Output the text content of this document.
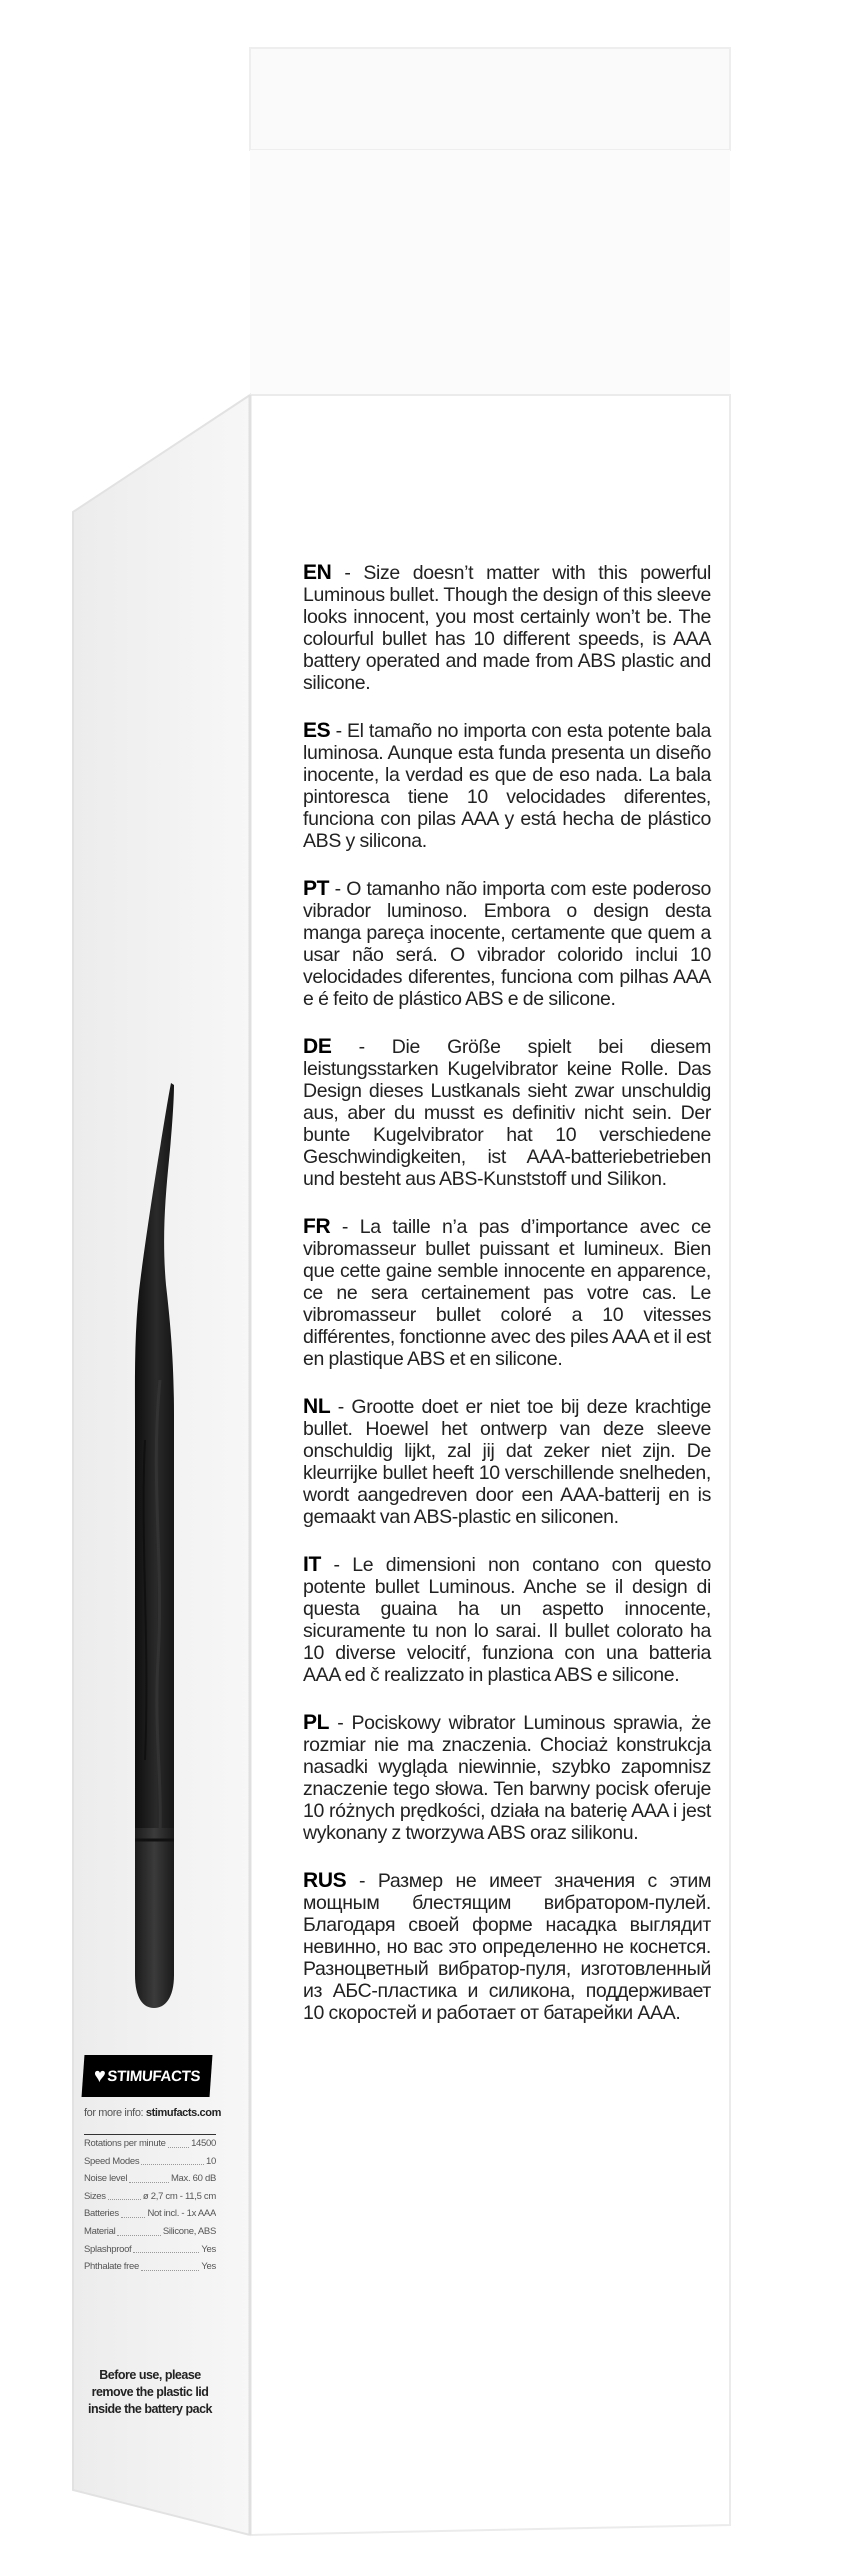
EN - Size doesn’t matter with this powerful Luminous bullet. Though the design of this sleeve looks innocent, you most certainly won’t be. The colourful bullet has 10 different speeds, is AAA battery operated and made from ABS plastic and silicone.

ES - El tamaño no importa con esta potente bala luminosa. Aunque esta funda presenta un diseño inocente, la verdad es que de eso nada. La bala pintoresca tiene 10 velocidades diferentes, funciona con pilas AAA y está hecha de plástico ABS y silicona.

PT - O tamanho não importa com este poderoso vibrador luminoso. Embora o design desta manga pareça inocente, certamente que quem a usar não será. O vibrador colorido inclui 10 velocidades diferentes, funciona com pilhas AAA e é feito de plástico ABS e de silicone.

DE - Die Größe spielt bei diesem leistungsstarken Kugelvibrator keine Rolle. Das Design dieses Lustkanals sieht zwar unschuldig aus, aber du musst es definitiv nicht sein. Der bunte Kugelvibrator hat 10 verschiedene Geschwindigkeiten, ist AAA-batteriebetrieben und besteht aus ABS-Kunststoff und Silikon.

FR - La taille n’a pas d’importance avec ce vibromasseur bullet puissant et lumineux. Bien que cette gaine semble innocente en apparence, ce ne sera certainement pas votre cas. Le vibromasseur bullet coloré a 10 vitesses différentes, fonctionne avec des piles AAA et il est en plastique ABS et en silicone.

NL - Grootte doet er niet toe bij deze krachtige bullet. Hoewel het ontwerp van deze sleeve onschuldig lijkt, zal jij dat zeker niet zijn. De kleurrijke bullet heeft 10 verschillende snelheden, wordt aangedreven door een AAA-batterij en is gemaakt van ABS-plastic en siliconen.

IT - Le dimensioni non contano con questo potente bullet Luminous. Anche se il design di questa guaina ha un aspetto innocente, sicuramente tu non lo sarai. Il bullet colorato ha 10 diverse velocitŕ, funziona con una batteria AAA ed č realizzato in plastica ABS e silicone.

PL - Pociskowy wibrator Luminous sprawia, że rozmiar nie ma znaczenia. Chociaż konstrukcja nasadki wygląda niewinnie, szybko zapomnisz znaczenie tego słowa. Ten barwny pocisk oferuje 10 różnych prędkości, działa na baterię AAA i jest wykonany z tworzywa ABS oraz silikonu.

RUS - Размер не имеет значения с этим мощным блестящим вибратором-пулей. Благодаря своей форме насадка выглядит невинно, но вас это определенно не коснется. Разноцветный вибратор-пуля, изготовленный из АБС-пластика и силикона, поддерживает 10 скоростей и работает от батарейки ААА.

♥ STIMUFACTS
for more info: stimufacts.com
Rotations per minute	14500
Speed Modes	10
Noise level	Max. 60 dB
Sizes	ø 2,7 cm - 11,5 cm
Batteries	Not incl. - 1x AAA
Material	Silicone, ABS
Splashproof	Yes
Phthalate free	Yes
Before use, please remove the plastic lid inside the battery pack
